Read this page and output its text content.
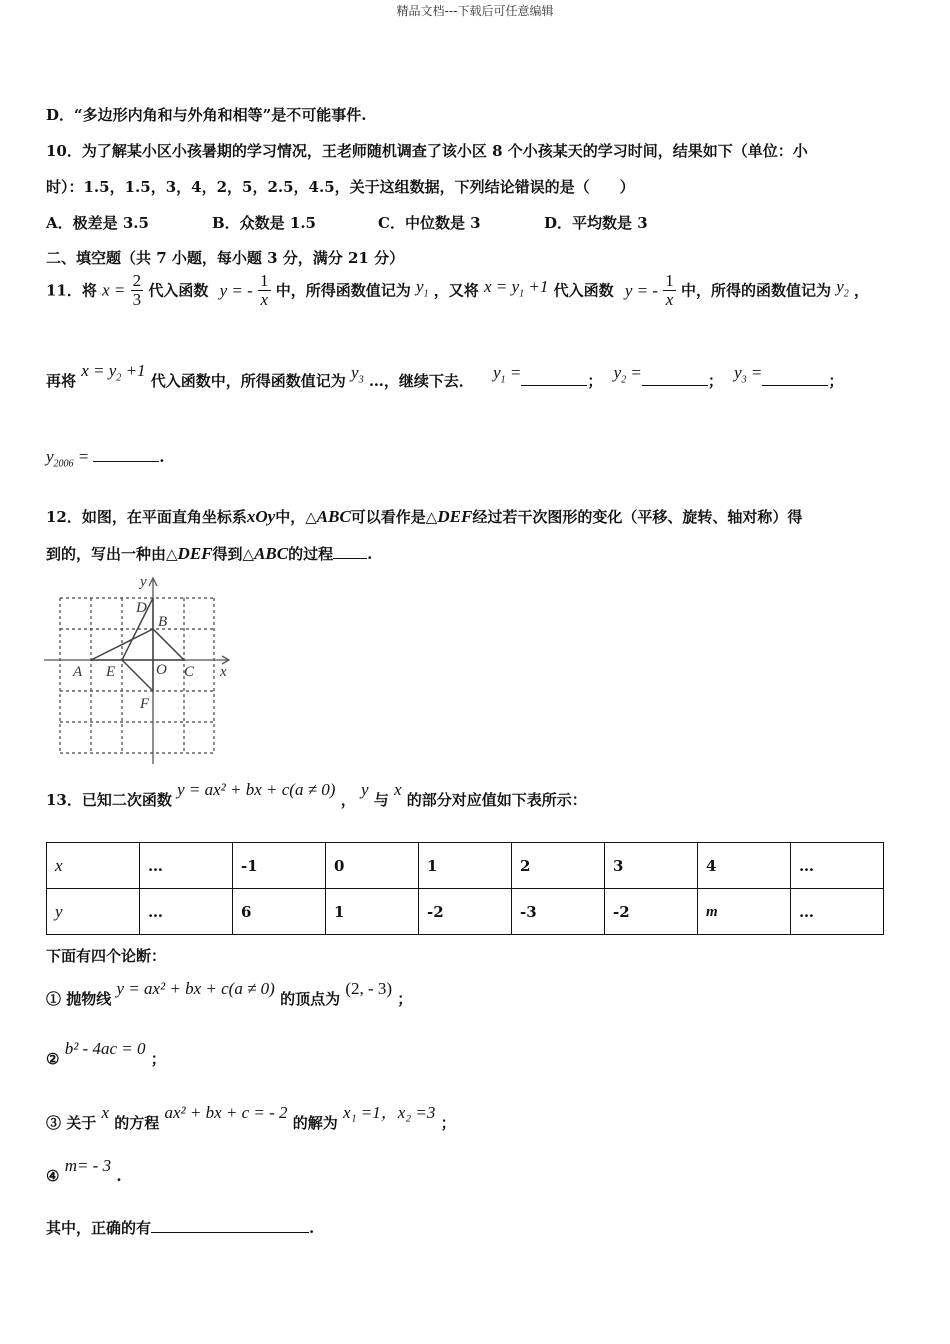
精品文档---下载后可任意编辑
D．“多边形内角和与外角和相等”是不可能事件.
10．为了解某小区小孩暑期的学习情况，王老师随机调查了该小区 8 个小孩某天的学习时间，结果如下（单位：小
时）：1.5，1.5，3，4，2，5，2.5，4.5，关于这组数据，下列结论错误的是（　　）
A．极差是 3.5	B．众数是 1.5	C．中位数是 3	D．平均数是 3
二、填空题（共 7 小题，每小题 3 分，满分 21 分）
11．将 $x = \frac{2}{3}$ 代入函数 y = - $\frac{1}{x}$ 中，所得函数值记为 $y_1$ ，又将 $x = y_1 +1$ 代入函数 y = - $\frac{1}{x}$ 中，所得的函数值记为 $y_2$ ，
再将 $x = y_2 +1$ 代入函数中，所得函数值记为 $y_3$ …，继续下去． $y_1$ =	； $y_2$ =	； $y_3$ =	；
$y_{2006}$ =	.
12．如图，在平面直角坐标系xOy中，△ABC可以看作是△DEF经过若干次图形的变化（平移、旋转、轴对称）得
到的，写出一种由△DEF得到△ABC的过程 .
y
x
D
B
A E	O C
F
13．已知二次函数 y = ax² + bx + c(a ≠ 0) ， y 与 x 的部分对应值如下表所示：
x	…	-1	0	1	2	3	4	…
y	…	6	1	-2	-3	-2	m	…
下面有四个论断：
① 抛物线 y = ax² + bx + c(a ≠ 0) 的顶点为 (2, - 3) ；
② b² - 4ac = 0 ；
③ 关于 x 的方程 ax² + bx + c = - 2 的解为 x₁ =1，x₂ =3 ；
④ m= - 3 .
其中，正确的有	.
